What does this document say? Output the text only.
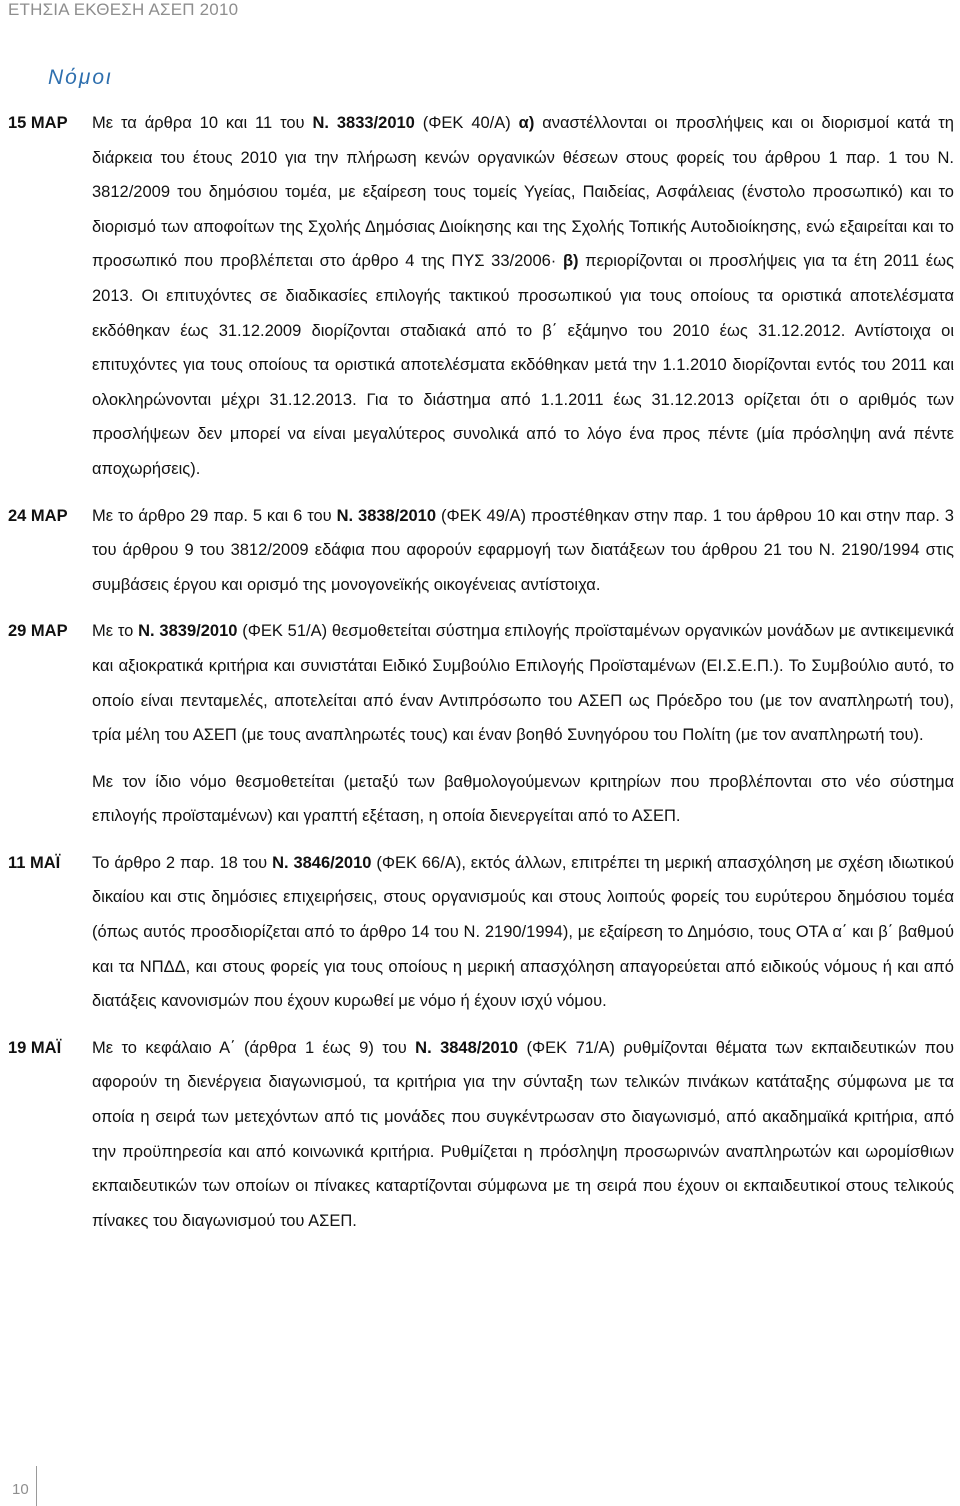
ΕΤΗΣΙΑ ΕΚΘΕΣΗ ΑΣΕΠ 2010
Νόμοι
15 ΜΑΡ	Με τα άρθρα 10 και 11 του Ν. 3833/2010 (ΦΕΚ 40/Α) α) αναστέλλονται οι προσλήψεις και οι διορισμοί κατά τη διάρκεια του έτους 2010 για την πλήρωση κενών οργανικών θέσεων στους φορείς του άρθρου 1 παρ. 1 του Ν. 3812/2009 του δημόσιου τομέα, με εξαίρεση τους τομείς Υγείας, Παιδείας, Ασφάλειας (ένστολο προσωπικό) και το διορισμό των αποφοίτων της Σχολής Δημόσιας Διοίκησης και της Σχολής Τοπικής Αυτοδιοίκησης, ενώ εξαιρείται και το προσωπικό που προβλέπεται στο άρθρο 4 της ΠΥΣ 33/2006· β) περιορίζονται οι προσλήψεις για τα έτη 2011 έως 2013. Οι επιτυχόντες σε διαδικασίες επιλογής τακτικού προσωπικού για τους οποίους τα οριστικά αποτελέσματα εκδόθηκαν έως 31.12.2009 διορίζονται σταδιακά από το β΄ εξάμηνο του 2010 έως 31.12.2012. Αντίστοιχα οι επιτυχόντες για τους οποίους τα οριστικά αποτελέσματα εκδόθηκαν μετά την 1.1.2010 διορίζονται εντός του 2011 και ολοκληρώνονται μέχρι 31.12.2013. Για το διάστημα από 1.1.2011 έως 31.12.2013 ορίζεται ότι ο αριθμός των προσλήψεων δεν μπορεί να είναι μεγαλύτερος συνολικά από το λόγο ένα προς πέντε (μία πρόσληψη ανά πέντε αποχωρήσεις).

24 ΜΑΡ	Με το άρθρο 29 παρ. 5 και 6 του Ν. 3838/2010 (ΦΕΚ 49/Α) προστέθηκαν στην παρ. 1 του άρθρου 10 και στην παρ. 3 του άρθρου 9 του 3812/2009 εδάφια που αφορούν εφαρμογή των διατάξεων του άρθρου 21 του Ν. 2190/1994 στις συμβάσεις έργου και ορισμό της μονογονεϊκής οικογένειας αντίστοιχα.

29 ΜΑΡ	Με το Ν. 3839/2010 (ΦΕΚ 51/Α) θεσμοθετείται σύστημα επιλογής προϊσταμένων οργανικών μονάδων με αντικειμενικά και αξιοκρατικά κριτήρια και συνιστάται Ειδικό Συμβούλιο Επιλογής Προϊσταμένων (ΕΙ.Σ.Ε.Π.). Το Συμβούλιο αυτό, το οποίο είναι πενταμελές, αποτελείται από έναν Αντιπρόσωπο του ΑΣΕΠ ως Πρόεδρο του (με τον αναπληρωτή του), τρία μέλη του ΑΣΕΠ (με τους αναπληρωτές τους) και έναν βοηθό Συνηγόρου του Πολίτη (με τον αναπληρωτή του).

Με τον ίδιο νόμο θεσμοθετείται (μεταξύ των βαθμολογούμενων κριτηρίων που προβλέπονται στο νέο σύστημα επιλογής προϊσταμένων) και γραπτή εξέταση, η οποία διενεργείται από το ΑΣΕΠ.

11 ΜΑΪ	Το άρθρο 2 παρ. 18 του Ν. 3846/2010 (ΦΕΚ 66/Α), εκτός άλλων, επιτρέπει τη μερική απασχόληση με σχέση ιδιωτικού δικαίου και στις δημόσιες επιχειρήσεις, στους οργανισμούς και στους λοιπούς φορείς του ευρύτερου δημόσιου τομέα (όπως αυτός προσδιορίζεται από το άρθρο 14 του Ν. 2190/1994), με εξαίρεση το Δημόσιο, τους ΟΤΑ α΄ και β΄ βαθμού και τα ΝΠΔΔ, και στους φορείς για τους οποίους η μερική απασχόληση απαγορεύεται από ειδικούς νόμους ή και από διατάξεις κανονισμών που έχουν κυρωθεί με νόμο ή έχουν ισχύ νόμου.

19 ΜΑΪ	Με το κεφάλαιο Α΄ (άρθρα 1 έως 9) του Ν. 3848/2010 (ΦΕΚ 71/Α) ρυθμίζονται θέματα των εκπαιδευτικών που αφορούν τη διενέργεια διαγωνισμού, τα κριτήρια για την σύνταξη των τελικών πινάκων κατάταξης σύμφωνα με τα οποία η σειρά των μετεχόντων από τις μονάδες που συγκέντρωσαν στο διαγωνισμό, από ακαδημαϊκά κριτήρια, από την προϋπηρεσία και από κοινωνικά κριτήρια. Ρυθμίζεται η πρόσληψη προσωρινών αναπληρωτών και ωρομίσθιων εκπαιδευτικών των οποίων οι πίνακες καταρτίζονται σύμφωνα με τη σειρά που έχουν οι εκπαιδευτικοί στους τελικούς πίνακες του διαγωνισμού του ΑΣΕΠ.

10
